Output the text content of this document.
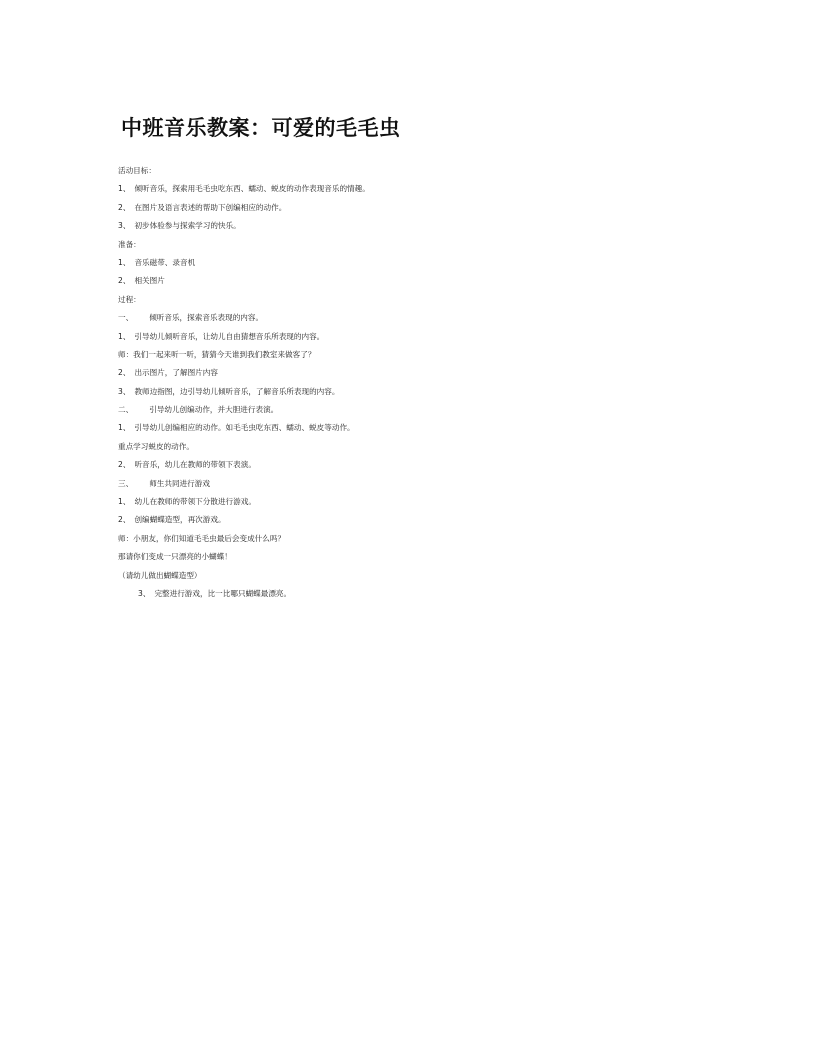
中班音乐教案：可爱的毛毛虫
活动目标：
1、 倾听音乐，探索用毛毛虫吃东西、蠕动、蜕皮的动作表现音乐的情趣。
2、 在图片及语言表述的帮助下创编相应的动作。
3、 初步体验参与探索学习的快乐。
准备：
1、 音乐磁带、录音机
2、 相关图片
过程：
一、 倾听音乐，探索音乐表现的内容。
1、 引导幼儿倾听音乐，让幼儿自由猜想音乐所表现的内容。
师：我们一起来听一听，猜猜今天谁到我们教室来做客了？
2、 出示图片，了解图片内容
3、 教师边指图，边引导幼儿倾听音乐，了解音乐所表现的内容。
二、 引导幼儿创编动作，并大胆进行表演。
1、 引导幼儿创编相应的动作。如毛毛虫吃东西、蠕动、蜕皮等动作。
重点学习蜕皮的动作。
2、 听音乐，幼儿在教师的带领下表演。
三、 师生共同进行游戏
1、 幼儿在教师的带领下分散进行游戏。
2、 创编蝴蝶造型，再次游戏。
师：小朋友，你们知道毛毛虫最后会变成什么吗？
那请你们变成一只漂亮的小蝴蝶！
（请幼儿做出蝴蝶造型）
3、 完整进行游戏，比一比哪只蝴蝶最漂亮。
